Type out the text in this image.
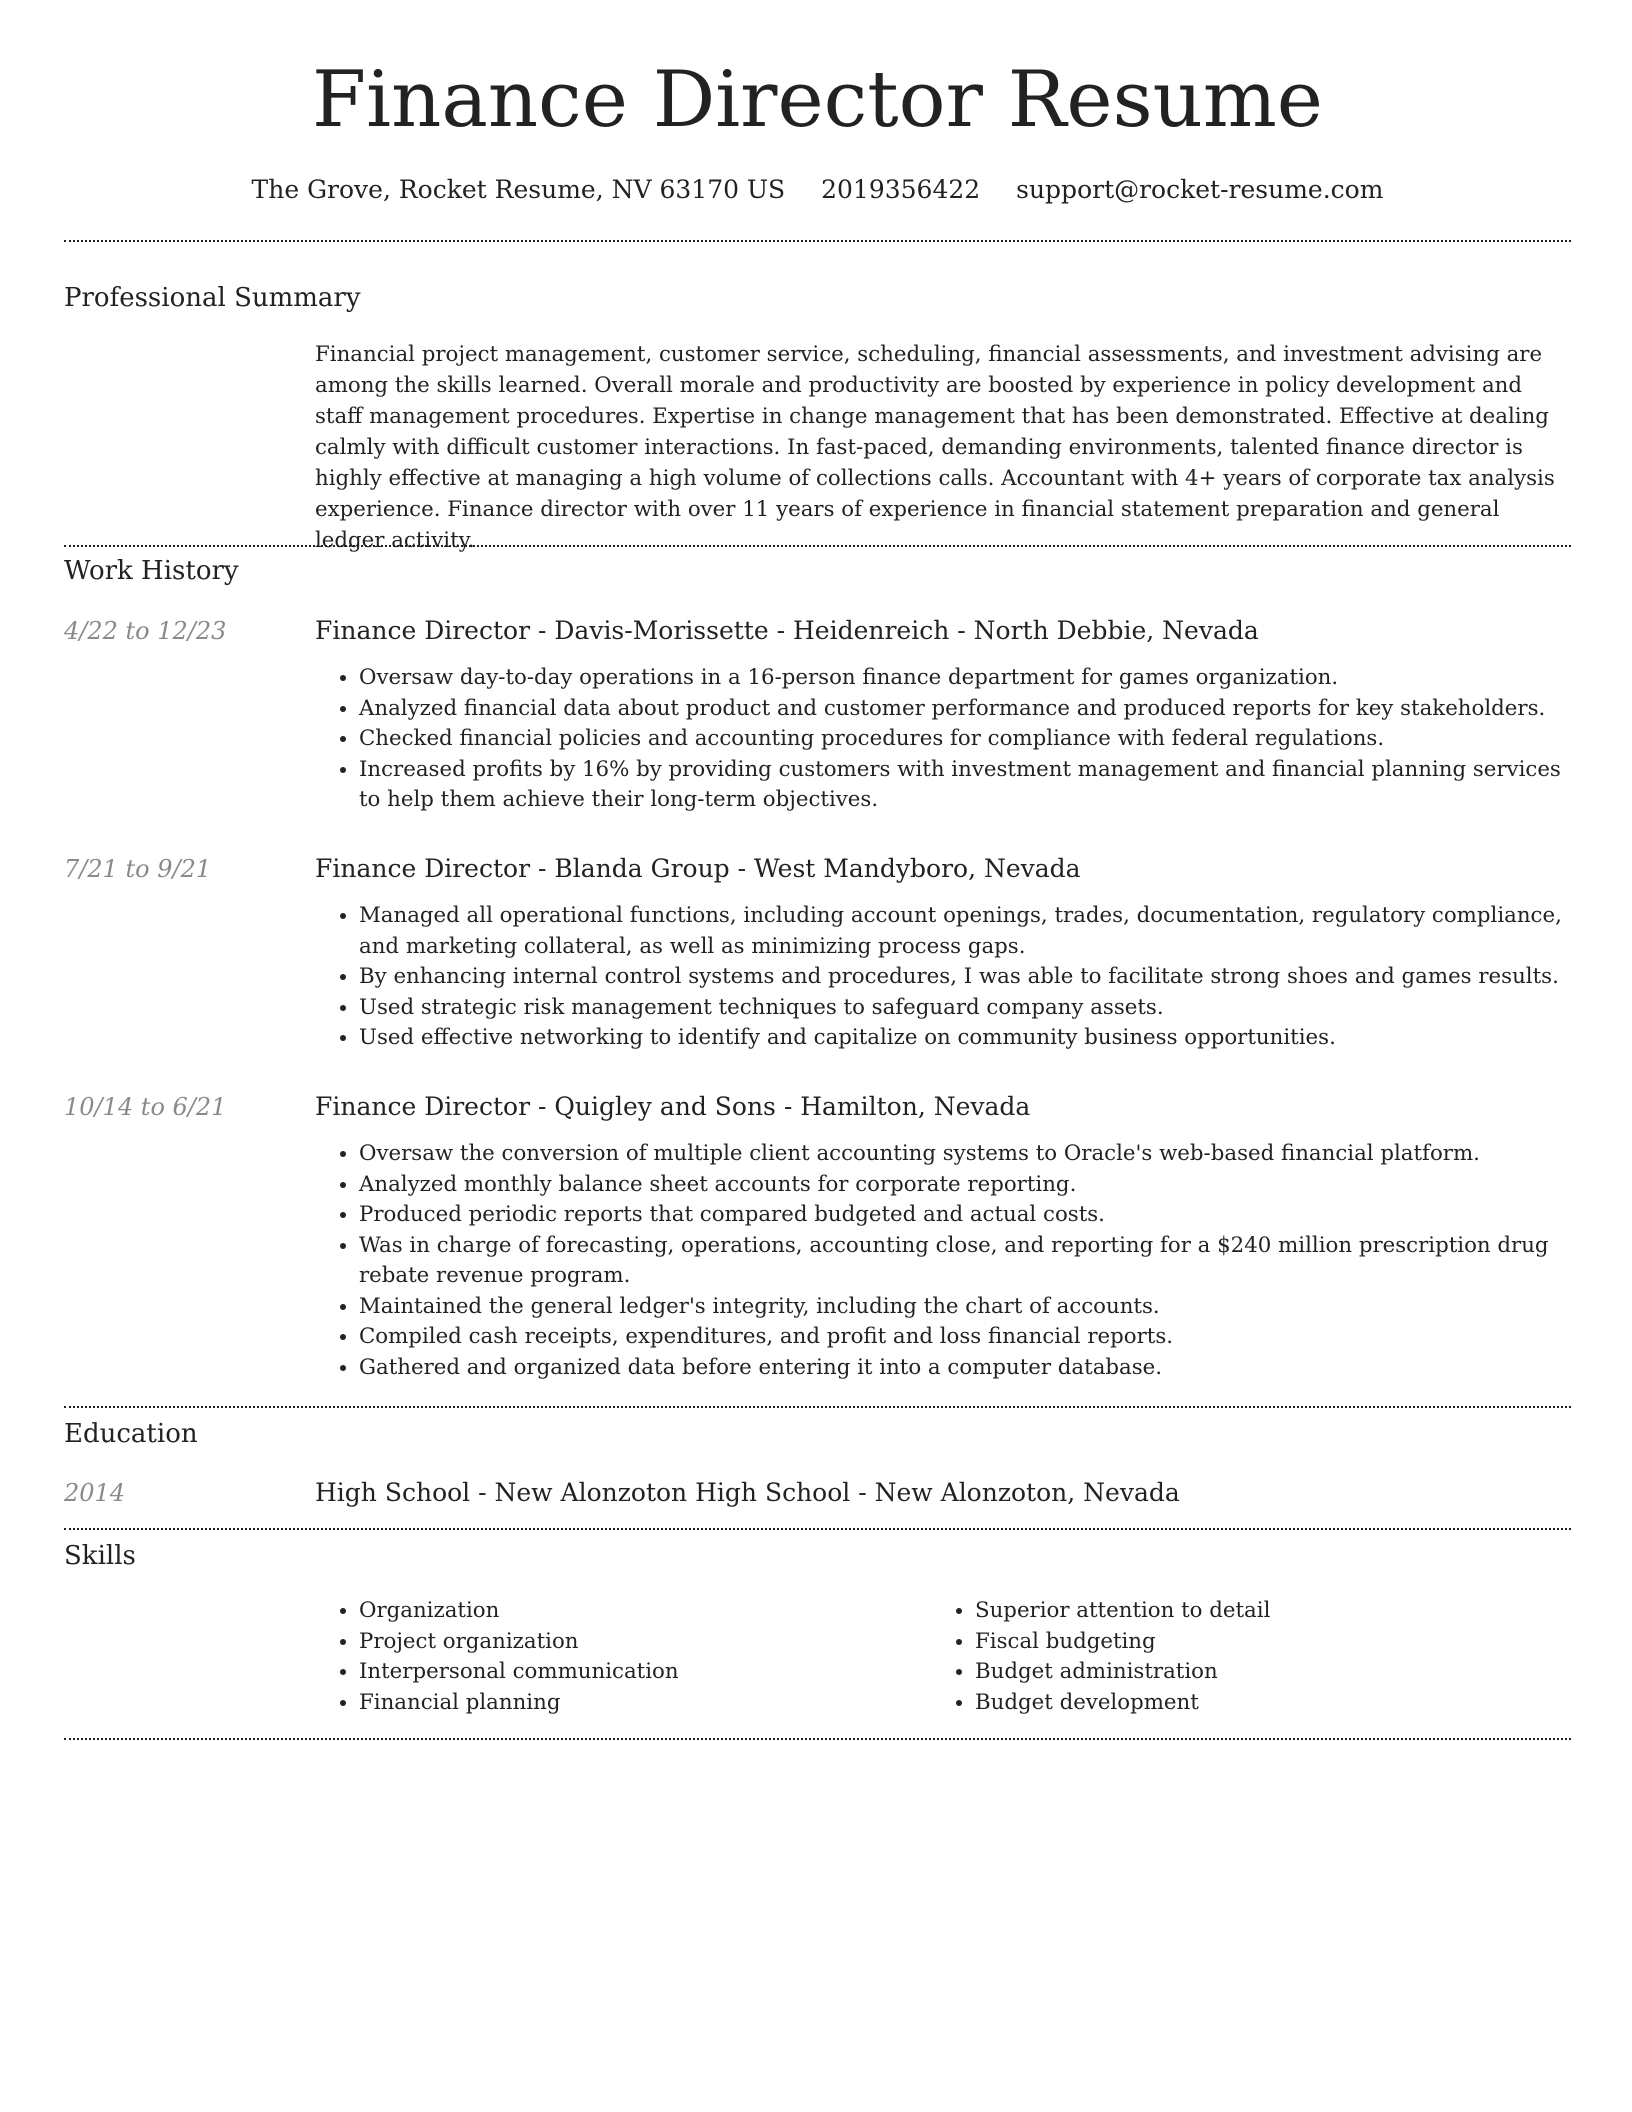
Finance Director Resume
The Grove, Rocket Resume, NV 63170 US 2019356422 support@rocket-resume.com
Professional Summary

Financial project management, customer service, scheduling, financial assessments, and investment advising are among the skills learned. Overall morale and productivity are boosted by experience in policy development and staff management procedures. Expertise in change management that has been demonstrated. Effective at dealing calmly with difficult customer interactions. In fast-paced, demanding environments, talented finance director is highly effective at managing a high volume of collections calls. Accountant with 4+ years of corporate tax analysis experience. Finance director with over 11 years of experience in financial statement preparation and general ledger activity.

Work History
4/22 to 12/23	Finance Director - Davis-Morissette - Heidenreich - North Debbie, Nevada
• Oversaw day-to-day operations in a 16-person finance department for games organization.
• Analyzed financial data about product and customer performance and produced reports for key stakeholders.
• Checked financial policies and accounting procedures for compliance with federal regulations.
• Increased profits by 16% by providing customers with investment management and financial planning services to help them achieve their long-term objectives.
7/21 to 9/21	Finance Director - Blanda Group - West Mandyboro, Nevada
• Managed all operational functions, including account openings, trades, documentation, regulatory compliance, and marketing collateral, as well as minimizing process gaps.
• By enhancing internal control systems and procedures, I was able to facilitate strong shoes and games results.
• Used strategic risk management techniques to safeguard company assets.
• Used effective networking to identify and capitalize on community business opportunities.
10/14 to 6/21	Finance Director - Quigley and Sons - Hamilton, Nevada
• Oversaw the conversion of multiple client accounting systems to Oracle's web-based financial platform.
• Analyzed monthly balance sheet accounts for corporate reporting.
• Produced periodic reports that compared budgeted and actual costs.
• Was in charge of forecasting, operations, accounting close, and reporting for a $240 million prescription drug rebate revenue program.
• Maintained the general ledger's integrity, including the chart of accounts.
• Compiled cash receipts, expenditures, and profit and loss financial reports.
• Gathered and organized data before entering it into a computer database.
Education
2014	High School - New Alonzoton High School - New Alonzoton, Nevada
Skills
• Organization
• Project organization
• Interpersonal communication
• Financial planning
• Superior attention to detail
• Fiscal budgeting
• Budget administration
• Budget development
